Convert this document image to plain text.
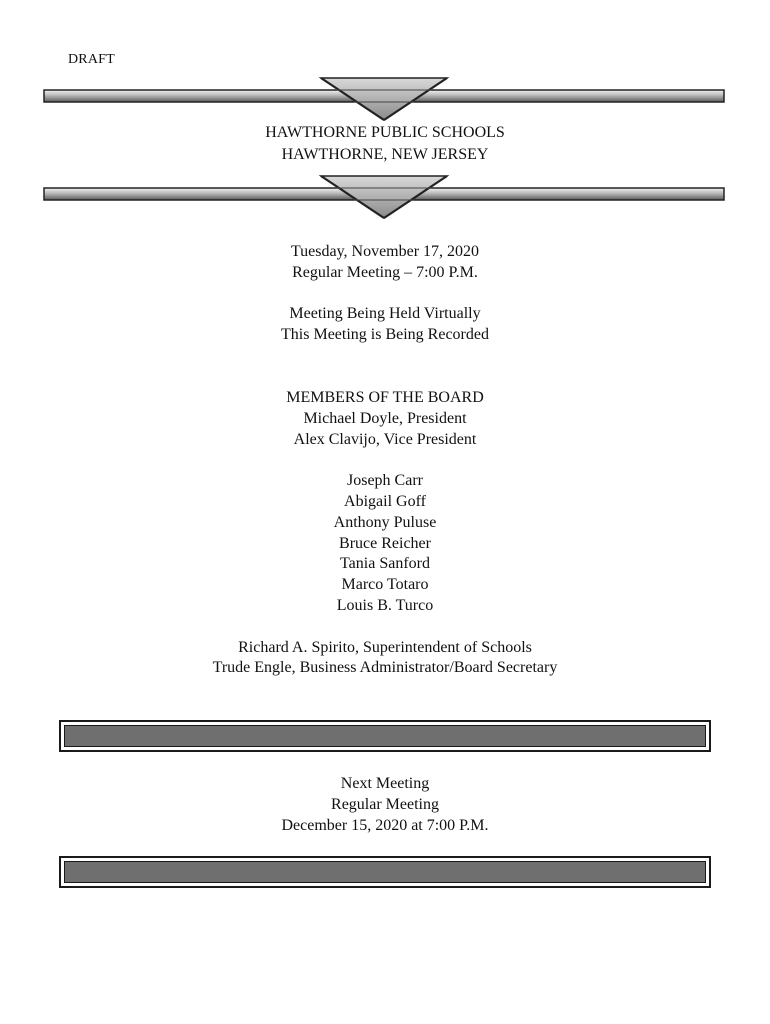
DRAFT
HAWTHORNE PUBLIC SCHOOLS
HAWTHORNE, NEW JERSEY
Tuesday, November 17, 2020
Regular Meeting – 7:00 P.M.
Meeting Being Held Virtually
This Meeting is Being Recorded
MEMBERS OF THE BOARD
Michael Doyle, President
Alex Clavijo, Vice President
Joseph Carr
Abigail Goff
Anthony Puluse
Bruce Reicher
Tania Sanford
Marco Totaro
Louis B. Turco
Richard A. Spirito, Superintendent of Schools
Trude Engle, Business Administrator/Board Secretary
Next Meeting
Regular Meeting
December 15, 2020 at 7:00 P.M.
